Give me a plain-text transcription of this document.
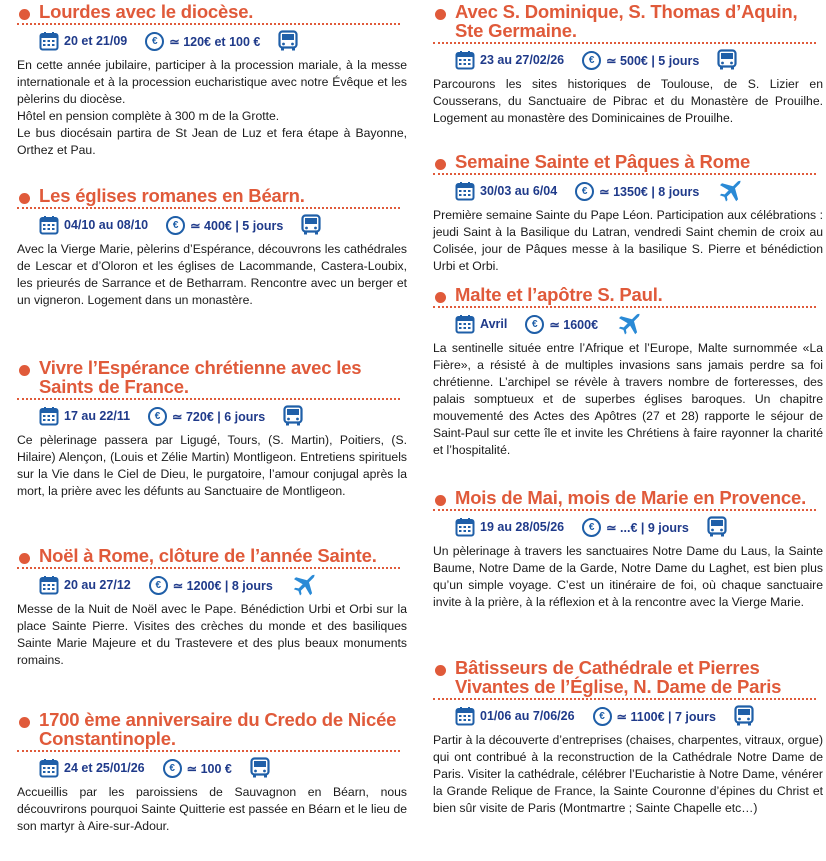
Lourdes avec le diocèse.
20 et 21/09	€ ≃ 120€ et 100 €
En cette année jubilaire, participer à la procession mariale, à la messe internationale et à la procession eucharistique avec notre Évêque et les pèlerins du diocèse.
Hôtel en pension complète à 300 m de la Grotte.
Le bus diocésain partira de St Jean de Luz et fera étape à Bayonne, Orthez et Pau.
Les églises romanes en Béarn.
04/10 au 08/10	€ ≃ 400€ | 5 jours
Avec la Vierge Marie, pèlerins d’Espérance, découvrons les cathédrales de Lescar et d’Oloron et les églises de Lacommande, Castera-Loubix, les prieurés de Sarrance et de Betharram. Rencontre avec un berger et un vigneron. Logement dans un monastère.
Vivre l’Espérance chrétienne avec les Saints de France.
17 au 22/11	€ ≃ 720€ | 6 jours
Ce pèlerinage passera par Ligugé, Tours, (S. Martin), Poitiers, (S. Hilaire) Alençon, (Louis et Zélie Martin) Montligeon. Entretiens spirituels sur la Vie dans le Ciel de Dieu, le purgatoire, l’amour conjugal après la mort, la prière avec les défunts au Sanctuaire de Montligeon.
Noël à Rome, clôture de l’année Sainte.
20 au 27/12	€ ≃ 1200€ | 8 jours
Messe de la Nuit de Noël avec le Pape. Bénédiction Urbi et Orbi sur la place Sainte Pierre. Visites des crèches du monde et des basiliques Sainte Marie Majeure et du Trastevere et des plus beaux monuments romains.
1700 ème anniversaire du Credo de Nicée Constantinople.
24 et 25/01/26	€ ≃ 100 €
Accueillis par les paroissiens de Sauvagnon en Béarn, nous découvrirons pourquoi Sainte Quitterie est passée en Béarn et le lieu de son martyr à Aire-sur-Adour.
Avec S. Dominique, S. Thomas d’Aquin, Ste Germaine.
23 au 27/02/26	€ ≃ 500€ | 5 jours
Parcourons les sites historiques de Toulouse, de S. Lizier en Cousserans, du Sanctuaire de Pibrac et du Monastère de Prouilhe. Logement au monastère des Dominicaines de Prouilhe.
Semaine Sainte et Pâques à Rome
30/03 au 6/04	€ ≃ 1350€ | 8 jours
Première semaine Sainte du Pape Léon. Participation aux célébrations : jeudi Saint à la Basilique du Latran, vendredi Saint chemin de croix au Colisée, jour de Pâques messe à la basilique S. Pierre et bénédiction Urbi et Orbi.
Malte et l’apôtre S. Paul.
Avril	€ ≃ 1600€
La sentinelle située entre l’Afrique et l’Europe, Malte surnommée «La Fière», a résisté à de multiples invasions sans jamais perdre sa foi chrétienne. L’archipel se révèle à travers nombre de forteresses, des palais somptueux et de superbes églises baroques. Un chapitre mouvementé des Actes des Apôtres (27 et 28) rapporte le séjour de Saint-Paul sur cette île et invite les Chrétiens à faire rayonner la charité et l’hospitalité.
Mois de Mai, mois de Marie en Provence.
19 au 28/05/26	€ ≃ ...€ | 9 jours
Un pèlerinage à travers les sanctuaires Notre Dame du Laus, la Sainte Baume, Notre Dame de la Garde, Notre Dame du Laghet, est bien plus qu’un simple voyage. C’est un itinéraire de foi, où chaque sanctuaire invite à la prière, à la réflexion et à la rencontre avec la Vierge Marie.
Bâtisseurs de Cathédrale et Pierres Vivantes de l’Église, N. Dame de Paris
01/06 au 7/06/26	€ ≃ 1100€ | 7 jours
Partir à la découverte d’entreprises (chaises, charpentes, vitraux, orgue) qui ont contribué à la reconstruction de la Cathédrale Notre Dame de Paris. Visiter la cathédrale, célébrer l’Eucharistie à Notre Dame, vénérer la Grande Relique de France, la Sainte Couronne d’épines du Christ et bien sûr visite de Paris (Montmartre ; Sainte Chapelle etc…)
